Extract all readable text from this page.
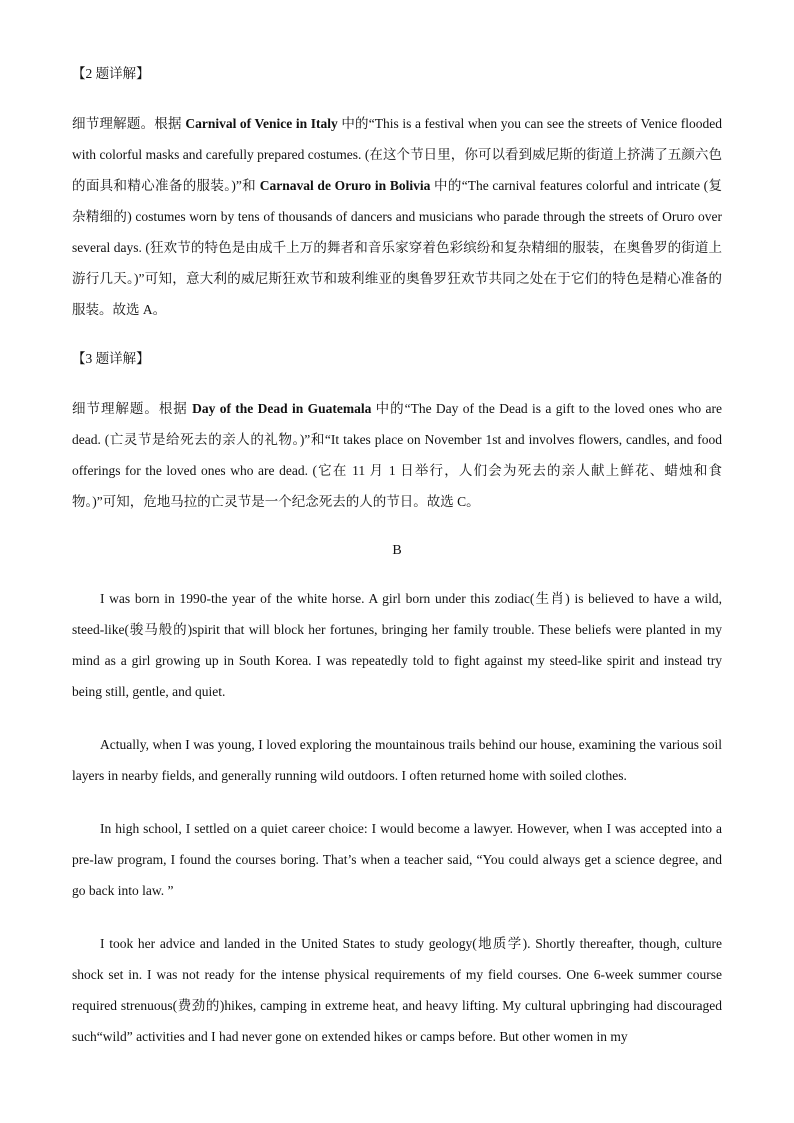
【2 题详解】

细节理解题。根据 Carnival of Venice in Italy 中的“This is a festival when you can see the streets of Venice flooded with colorful masks and carefully prepared costumes. (在这个节日里，你可以看到威尼斯的街道上挤满了五颜六色的面具和精心准备的服装。)”和 Carnaval de Oruro in Bolivia 中的“The carnival features colorful and intricate (复杂精细的) costumes worn by tens of thousands of dancers and musicians who parade through the streets of Oruro over several days. (狂欢节的特色是由成千上万的舞者和音乐家穿着色彩缤纷和复杂精细的服装，在奥鲁罗的街道上游行几天。)”可知，意大利的威尼斯狂欢节和玻利维亚的奥鲁罗狂欢节共同之处在于它们的特色是精心准备的服装。故选 A。

【3 题详解】

细节理解题。根据 Day of the Dead in Guatemala 中的“The Day of the Dead is a gift to the loved ones who are dead. (亡灵节是给死去的亲人的礼物。)”和“It takes place on November 1st and involves flowers, candles, and food offerings for the loved ones who are dead. (它在 11 月 1 日举行，人们会为死去的亲人献上鲜花、蜡烛和食物。)”可知，危地马拉的亡灵节是一个纪念死去的人的节日。故选 C。

B

I was born in 1990-the year of the white horse. A girl born under this zodiac(生肖) is believed to have a wild, steed-like(骏马般的)spirit that will block her fortunes, bringing her family trouble. These beliefs were planted in my mind as a girl growing up in South Korea. I was repeatedly told to fight against my steed-like spirit and instead try being still, gentle, and quiet.

Actually, when I was young, I loved exploring the mountainous trails behind our house, examining the various soil layers in nearby fields, and generally running wild outdoors. I often returned home with soiled clothes.

In high school, I settled on a quiet career choice: I would become a lawyer. However, when I was accepted into a pre-law program, I found the courses boring. That’s when a teacher said, “You could always get a science degree, and go back into law. ”

I took her advice and landed in the United States to study geology(地质学). Shortly thereafter, though, culture shock set in. I was not ready for the intense physical requirements of my field courses. One 6-week summer course required strenuous(费劲的)hikes, camping in extreme heat, and heavy lifting. My cultural upbringing had discouraged such“wild” activities and I had never gone on extended hikes or camps before. But other women in my
